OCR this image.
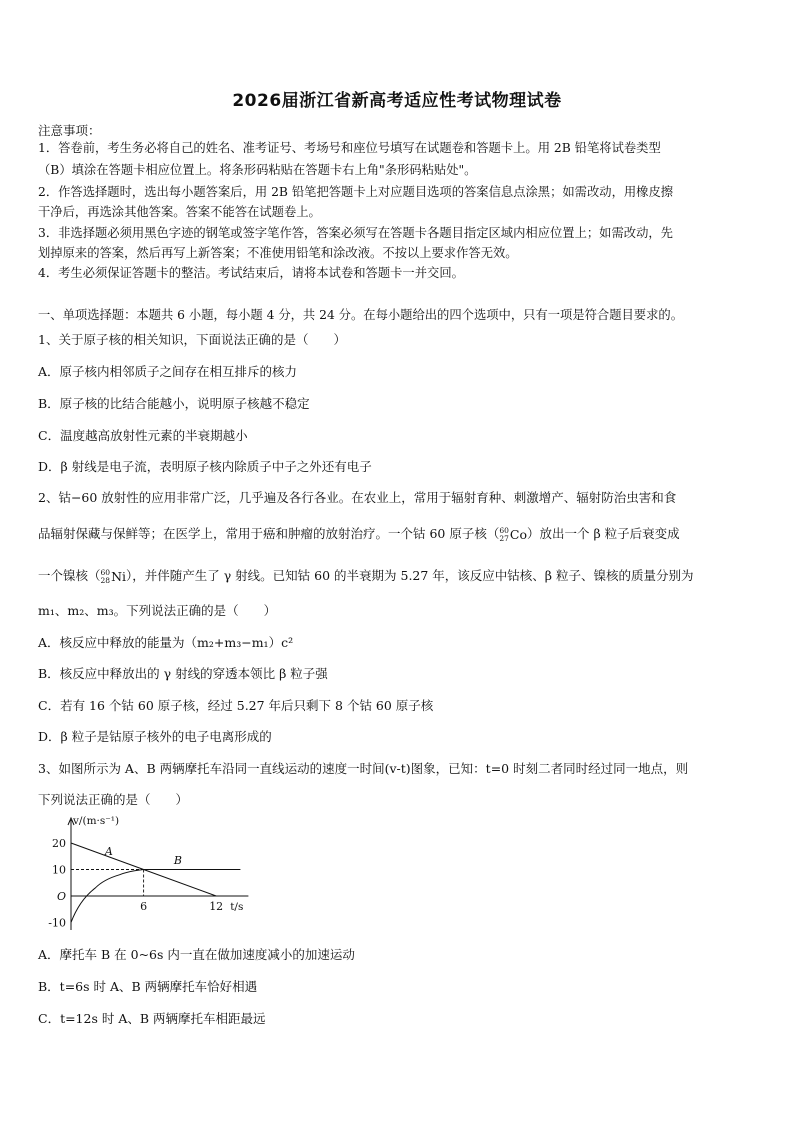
2026届浙江省新高考适应性考试物理试卷
注意事项：
1．答卷前，考生务必将自己的姓名、准考证号、考场号和座位号填写在试题卷和答题卡上。用 2B 铅笔将试卷类型
（B）填涂在答题卡相应位置上。将条形码粘贴在答题卡右上角"条形码粘贴处"。
2．作答选择题时，选出每小题答案后，用 2B 铅笔把答题卡上对应题目选项的答案信息点涂黑；如需改动，用橡皮擦
干净后，再选涂其他答案。答案不能答在试题卷上。
3．非选择题必须用黑色字迹的钢笔或签字笔作答，答案必须写在答题卡各题目指定区域内相应位置上；如需改动，先
划掉原来的答案，然后再写上新答案；不准使用铅笔和涂改液。不按以上要求作答无效。
4．考生必须保证答题卡的整洁。考试结束后，请将本试卷和答题卡一并交回。
一、单项选择题：本题共 6 小题，每小题 4 分，共 24 分。在每小题给出的四个选项中，只有一项是符合题目要求的。
1、关于原子核的相关知识，下面说法正确的是（　　）
A．原子核内相邻质子之间存在相互排斥的核力
B．原子核的比结合能越小，说明原子核越不稳定
C．温度越高放射性元素的半衰期越小
D．β 射线是电子流，表明原子核内除质子中子之外还有电子
2、钴−60 放射性的应用非常广泛，几乎遍及各行各业。在农业上，常用于辐射育种、刺激增产、辐射防治虫害和食
品辐射保藏与保鲜等；在医学上，常用于癌和肿瘤的放射治疗。一个钴 60 原子核（ 60
27 Co ）放出一个 β 粒子后衰变成
一个镍核（ 60
28 Ni ），并伴随产生了 γ 射线。已知钴 60 的半衰期为 5.27 年，该反应中钴核、β 粒子、镍核的质量分别为
m₁、m₂、m₃。下列说法正确的是（　　）
A．核反应中释放的能量为（m₂+m₃−m₁）c²
B．核反应中释放出的 γ 射线的穿透本领比 β 粒子强
C．若有 16 个钴 60 原子核，经过 5.27 年后只剩下 8 个钴 60 原子核
D．β 粒子是钴原子核外的电子电离形成的
3、如图所示为 A、B 两辆摩托车沿同一直线运动的速度一时间(v-t)图象，已知：t=0 时刻二者同时经过同一地点，则
下列说法正确的是（　　）
A
B
20
10
-10
6	12
O
v/(m·s⁻¹)
t/s
A．摩托车 B 在 0~6s 内一直在做加速度减小的加速运动
B．t=6s 时 A、B 两辆摩托车恰好相遇
C．t=12s 时 A、B 两辆摩托车相距最远
